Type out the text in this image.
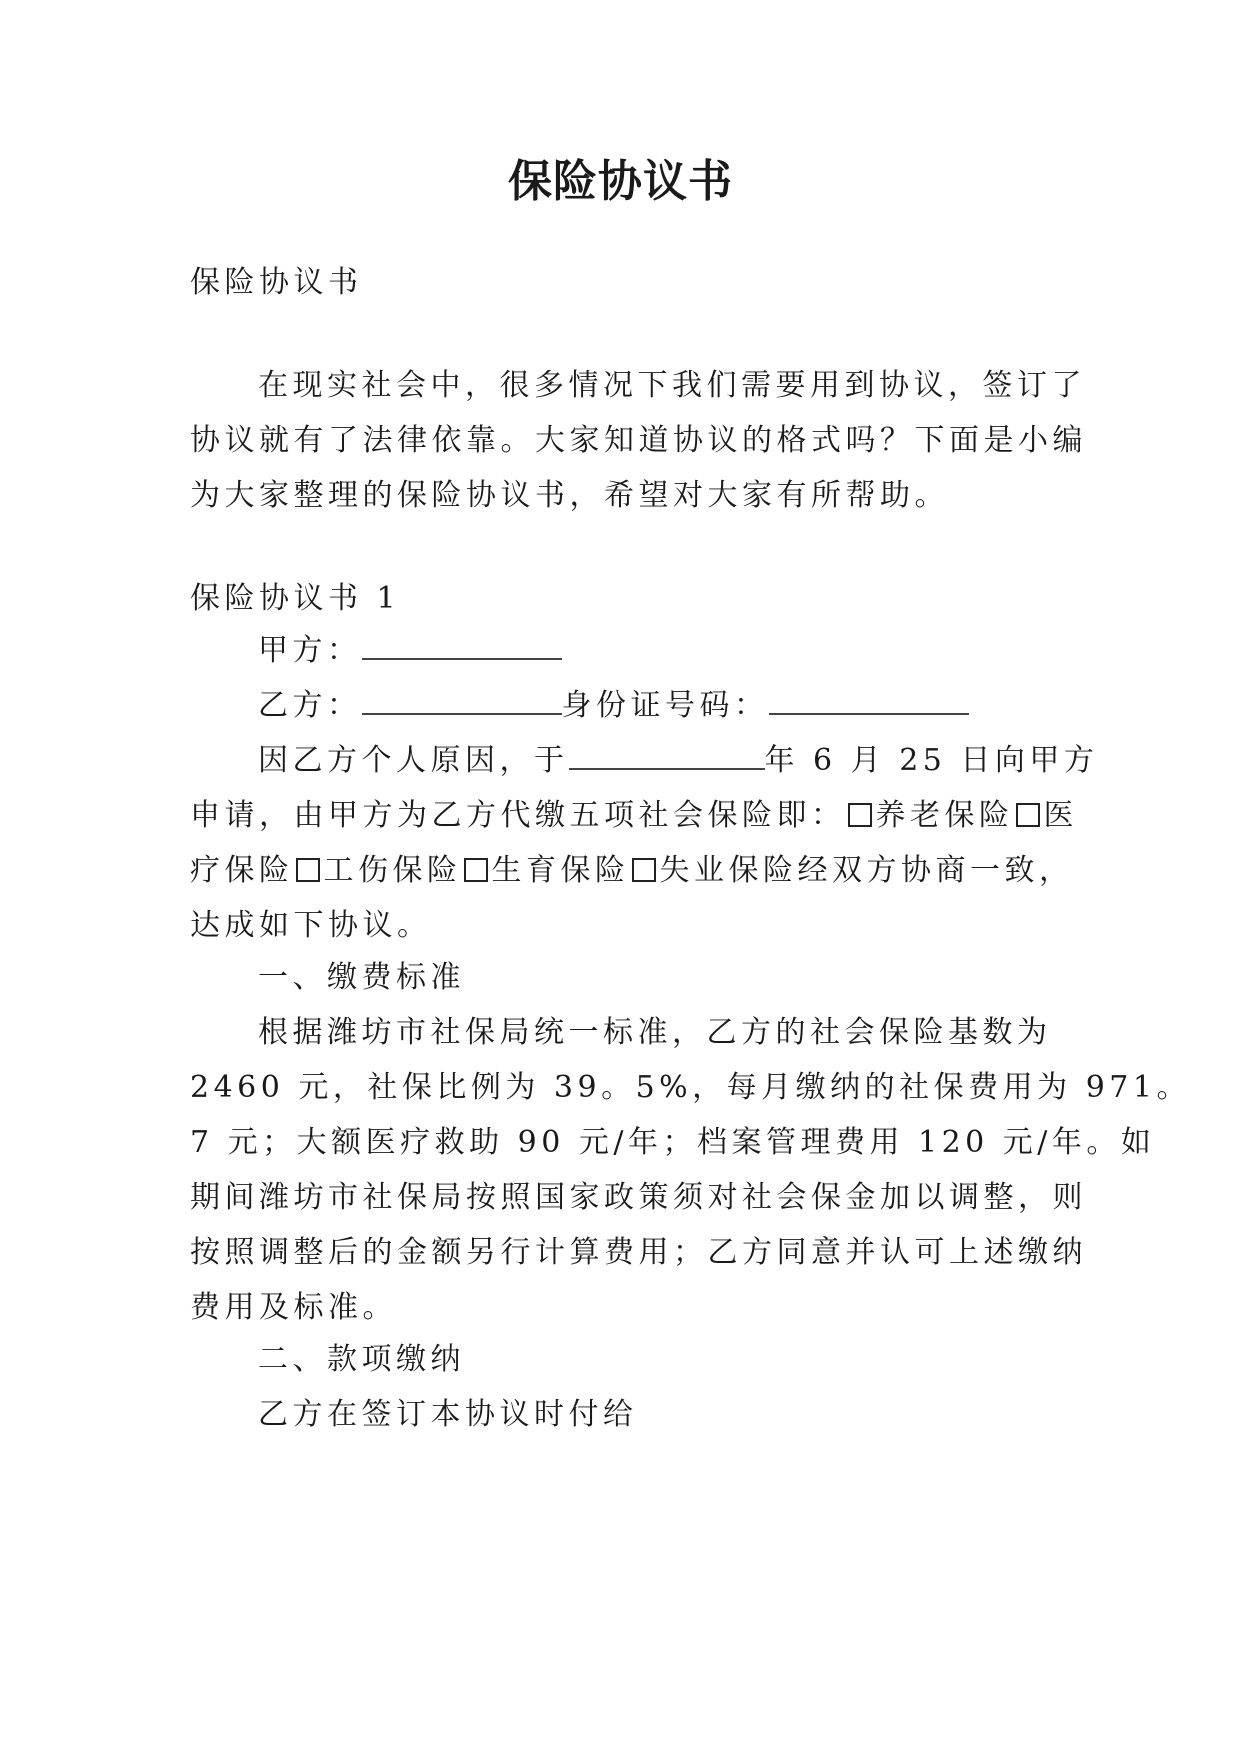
保险协议书

保险协议书

在现实社会中，很多情况下我们需要用到协议，签订了

协议就有了法律依靠。大家知道协议的格式吗？下面是小编

为大家整理的保险协议书，希望对大家有所帮助。

保险协议书 1

甲方：

乙方：	身份证号码：

因乙方个人原因，于	年 6 月 25 日向甲方

申请，由甲方为乙方代缴五项社会保险即： 养老保险 医

疗保险 工伤保险 生育保险 失业保险经双方协商一致，

达成如下协议。

一、缴费标准

根据潍坊市社保局统一标准，乙方的社会保险基数为

2460 元，社保比例为 39。5%，每月缴纳的社保费用为 971。

7 元；大额医疗救助 90 元/年；档案管理费用 120 元/年。如

期间潍坊市社保局按照国家政策须对社会保金加以调整，则

按照调整后的金额另行计算费用；乙方同意并认可上述缴纳

费用及标准。

二、款项缴纳

乙方在签订本协议时付给
